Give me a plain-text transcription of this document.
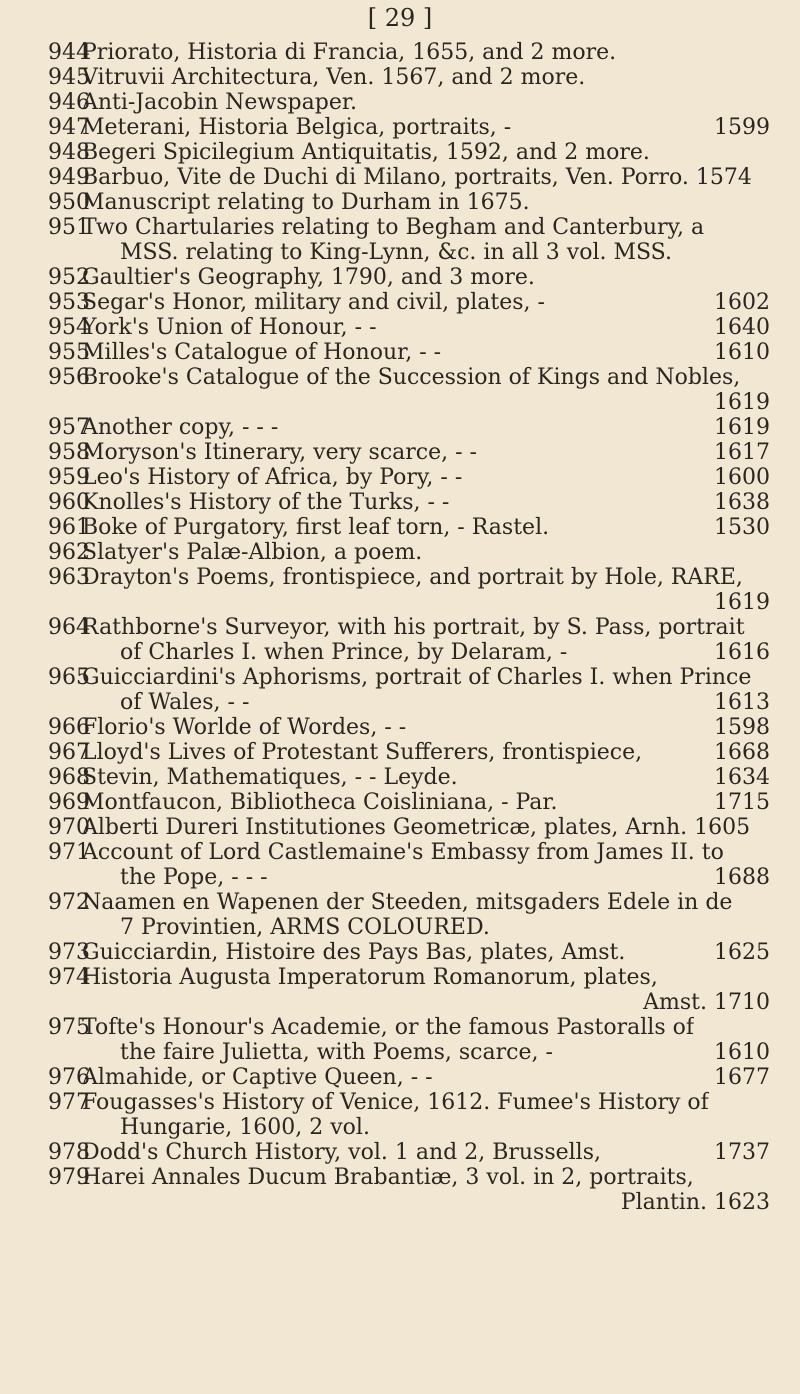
[ 29 ]
944
Priorato, Historia di Francia, 1655, and 2 more.
945
Vitruvii Architectura, Ven. 1567, and 2 more.
946
Anti-Jacobin Newspaper.
947
Meterani, Historia Belgica, portraits, -	1599
948
Begeri Spicilegium Antiquitatis, 1592, and 2 more.
949
Barbuo, Vite de Duchi di Milano, portraits, Ven. Porro. 1574
950
Manuscript relating to Durham in 1675.
951
Two Chartularies relating to Begham and Canterbury, a
MSS. relating to King-Lynn, &c. in all 3 vol. MSS.
952
Gaultier's Geography, 1790, and 3 more.
953
Segar's Honor, military and civil, plates, -	1602
954
York's Union of Honour, - -	1640
955
Milles's Catalogue of Honour, - -	1610
956
Brooke's Catalogue of the Succession of Kings and Nobles,
1619
957
Another copy, - - -	1619
958
Moryson's Itinerary, very scarce, - -	1617
959
Leo's History of Africa, by Pory, - -	1600
960
Knolles's History of the Turks, - -	1638
961
Boke of Purgatory, first leaf torn, - Rastel.	1530
962
Slatyer's Palæ-Albion, a poem.
963
Drayton's Poems, frontispiece, and portrait by Hole, RARE,
1619
964
Rathborne's Surveyor, with his portrait, by S. Pass, portrait
of Charles I. when Prince, by Delaram, -	1616
965
Guicciardini's Aphorisms, portrait of Charles I. when Prince
of Wales, - -	1613
966
Florio's Worlde of Wordes, - -	1598
967
Lloyd's Lives of Protestant Sufferers, frontispiece,	1668
968
Stevin, Mathematiques, - - Leyde.	1634
969
Montfaucon, Bibliotheca Coisliniana, - Par.	1715
970
Alberti Dureri Institutiones Geometricæ, plates, Arnh. 1605
971
Account of Lord Castlemaine's Embassy from James II. to
the Pope, - - -	1688
972
Naamen en Wapenen der Steeden, mitsgaders Edele in de
7 Provintien, ARMS COLOURED.
973
Guicciardin, Histoire des Pays Bas, plates, Amst.	1625
974
Historia Augusta Imperatorum Romanorum, plates,
Amst. 1710
975
Tofte's Honour's Academie, or the famous Pastoralls of
the faire Julietta, with Poems, scarce, -	1610
976
Almahide, or Captive Queen, - -	1677
977
Fougasses's History of Venice, 1612. Fumee's History of
Hungarie, 1600, 2 vol.
978
Dodd's Church History, vol. 1 and 2, Brussells,	1737
979
Harei Annales Ducum Brabantiæ, 3 vol. in 2, portraits,
Plantin. 1623
